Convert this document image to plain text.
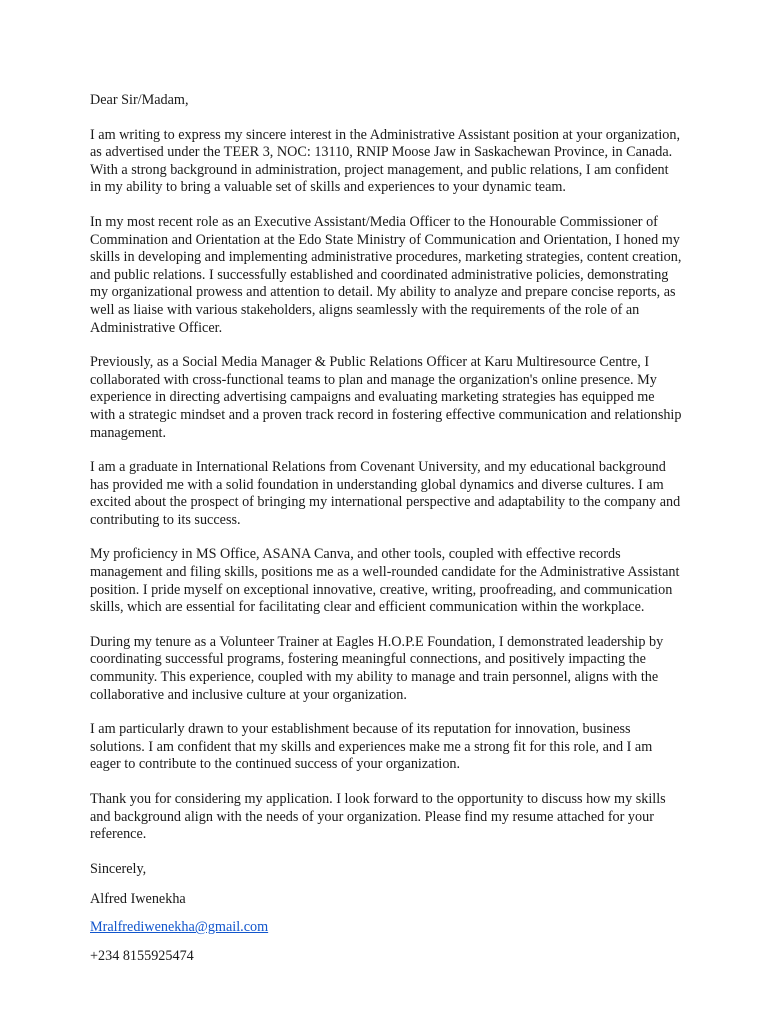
Dear Sir/Madam,

I am writing to express my sincere interest in the Administrative Assistant position at your organization, as advertised under the TEER 3, NOC: 13110, RNIP Moose Jaw in Saskachewan Province, in Canada. With a strong background in administration, project management, and public relations, I am confident in my ability to bring a valuable set of skills and experiences to your dynamic team.

In my most recent role as an Executive Assistant/Media Officer to the Honourable Commissioner of Commination and Orientation at the Edo State Ministry of Communication and Orientation, I honed my skills in developing and implementing administrative procedures, marketing strategies, content creation, and public relations. I successfully established and coordinated administrative policies, demonstrating my organizational prowess and attention to detail. My ability to analyze and prepare concise reports, as well as liaise with various stakeholders, aligns seamlessly with the requirements of the role of an Administrative Officer.

Previously, as a Social Media Manager & Public Relations Officer at Karu Multiresource Centre, I collaborated with cross-functional teams to plan and manage the organization's online presence. My experience in directing advertising campaigns and evaluating marketing strategies has equipped me with a strategic mindset and a proven track record in fostering effective communication and relationship management.

I am a graduate in International Relations from Covenant University, and my educational background has provided me with a solid foundation in understanding global dynamics and diverse cultures. I am excited about the prospect of bringing my international perspective and adaptability to the company and contributing to its success.

My proficiency in MS Office, ASANA Canva, and other tools, coupled with effective records management and filing skills, positions me as a well-rounded candidate for the Administrative Assistant position. I pride myself on exceptional innovative, creative, writing, proofreading, and communication skills, which are essential for facilitating clear and efficient communication within the workplace.

During my tenure as a Volunteer Trainer at Eagles H.O.P.E Foundation, I demonstrated leadership by coordinating successful programs, fostering meaningful connections, and positively impacting the community. This experience, coupled with my ability to manage and train personnel, aligns with the collaborative and inclusive culture at your organization.

I am particularly drawn to your establishment because of its reputation for innovation, business solutions. I am confident that my skills and experiences make me a strong fit for this role, and I am eager to contribute to the continued success of your organization.

Thank you for considering my application. I look forward to the opportunity to discuss how my skills and background align with the needs of your organization. Please find my resume attached for your reference.

Sincerely,

Alfred Iwenekha

Mralfrediwenekha@gmail.com

+234 8155925474
